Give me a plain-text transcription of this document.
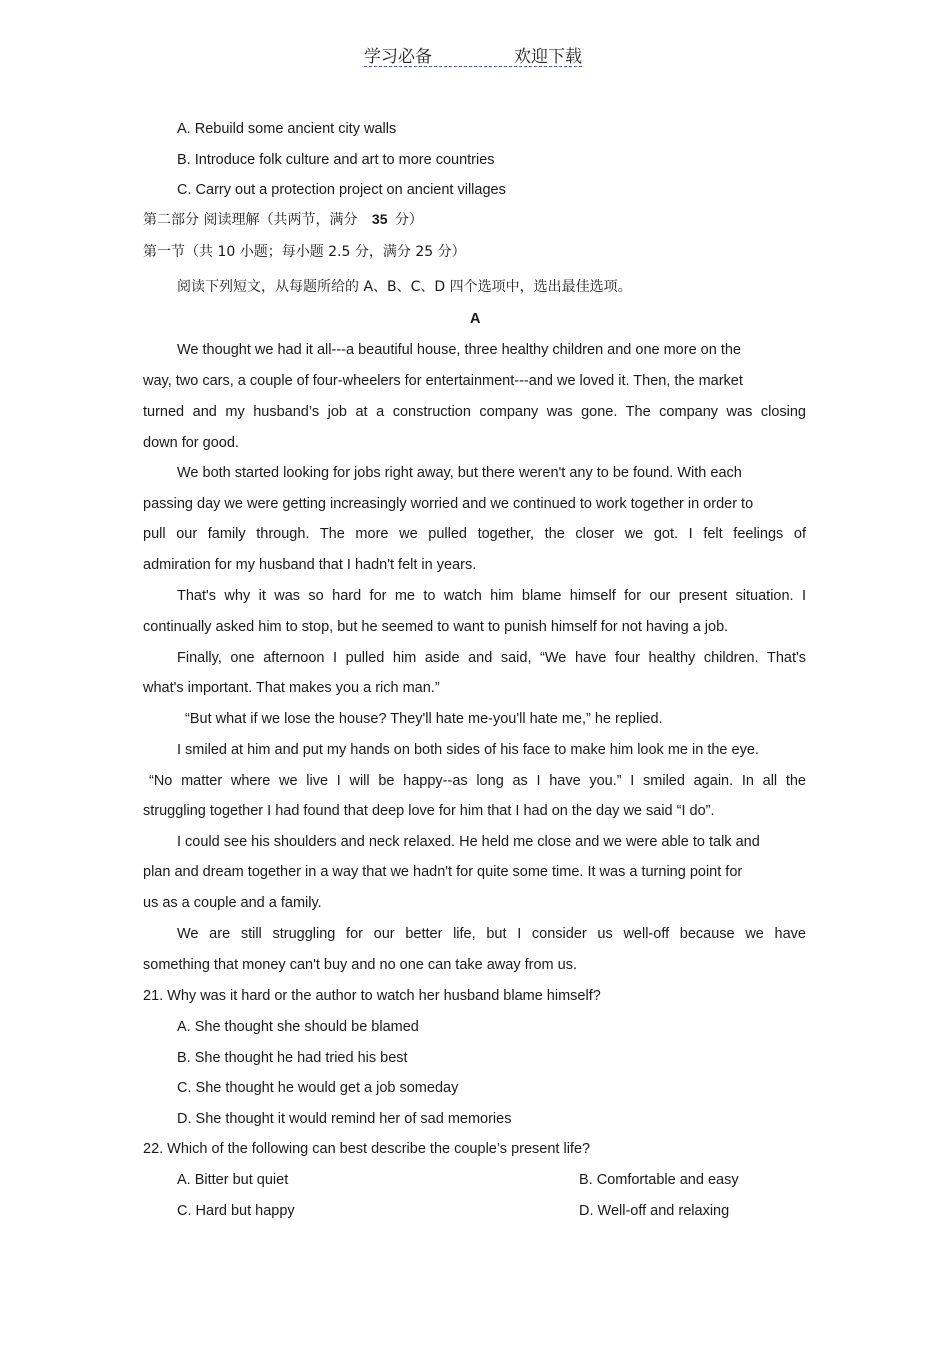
学习必备	欢迎下载
A. Rebuild some ancient city walls
B. Introduce folk culture and art to more countries
C. Carry out a protection project on ancient villages
第二部分 阅读理解（共两节，满分 35 分）
第一节（共 10 小题；每小题 2.5 分，满分 25 分）
阅读下列短文，从每题所给的 A、B、C、D 四个选项中，选出最佳选项。
A
We thought we had it all---a beautiful house, three healthy children and one more on the
way, two cars, a couple of four-wheelers for entertainment---and we loved it. Then, the market
turned and my husband’s job at a construction company was gone. The company was closing
down for good.
We both started looking for jobs right away, but there weren't any to be found. With each
passing day we were getting increasingly worried and we continued to work together in order to
pull our family through. The more we pulled together, the closer we got. I felt feelings of
admiration for my husband that I hadn't felt in years.
That's why it was so hard for me to watch him blame himself for our present situation. I
continually asked him to stop, but he seemed to want to punish himself for not having a job.
Finally, one afternoon I pulled him aside and said, “We have four healthy children. That's
what's important. That makes you a rich man.”
“But what if we lose the house? They'll hate me-you'll hate me,” he replied.
I smiled at him and put my hands on both sides of his face to make him look me in the eye.
“No matter where we live I will be happy--as long as I have you.” I smiled again. In all the
struggling together I had found that deep love for him that I had on the day we said “I do”.
I could see his shoulders and neck relaxed. He held me close and we were able to talk and
plan and dream together in a way that we hadn't for quite some time. It was a turning point for
us as a couple and a family.
We are still struggling for our better life, but I consider us well-off because we have
something that money can't buy and no one can take away from us.
21. Why was it hard or the author to watch her husband blame himself?
A. She thought she should be blamed
B. She thought he had tried his best
C. She thought he would get a job someday
D. She thought it would remind her of sad memories
22. Which of the following can best describe the couple’s present life?
A. Bitter but quiet	B. Comfortable and easy
C. Hard but happy	D. Well-off and relaxing
